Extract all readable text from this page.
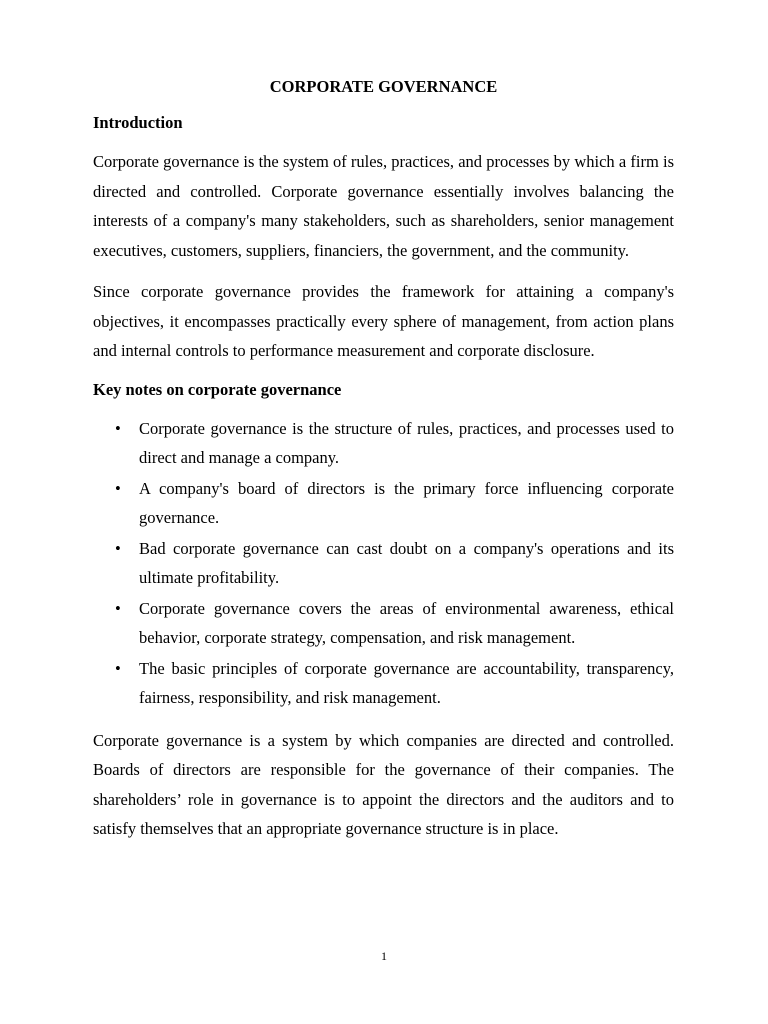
CORPORATE GOVERNANCE
Introduction

Corporate governance is the system of rules, practices, and processes by which a firm is directed and controlled. Corporate governance essentially involves balancing the interests of a company's many stakeholders, such as shareholders, senior management executives, customers, suppliers, financiers, the government, and the community.

Since corporate governance provides the framework for attaining a company's objectives, it encompasses practically every sphere of management, from action plans and internal controls to performance measurement and corporate disclosure.

Key notes on corporate governance
• Corporate governance is the structure of rules, practices, and processes used to direct and manage a company.
• A company's board of directors is the primary force influencing corporate governance.
• Bad corporate governance can cast doubt on a company's operations and its ultimate profitability.
• Corporate governance covers the areas of environmental awareness, ethical behavior, corporate strategy, compensation, and risk management.
• The basic principles of corporate governance are accountability, transparency, fairness, responsibility, and risk management.

Corporate governance is a system by which companies are directed and controlled. Boards of directors are responsible for the governance of their companies. The shareholders’ role in governance is to appoint the directors and the auditors and to satisfy themselves that an appropriate governance structure is in place.

1
